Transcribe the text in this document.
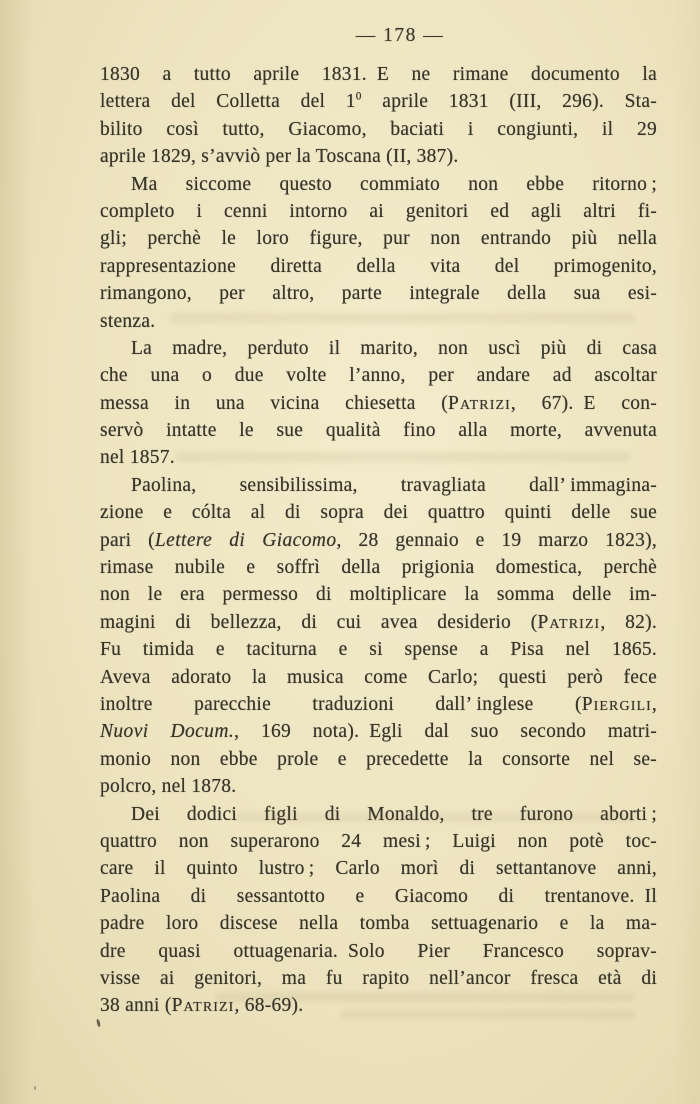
— 178 —
1830 a tutto aprile 1831. E ne rimane documento la
lettera del Colletta del $1^0$ aprile 1831 (III, 296). Sta-
bilito così tutto, Giacomo, baciati i congiunti, il 29
aprile 1829, s’avviò per la Toscana (II, 387).
Ma siccome questo commiato non ebbe ritorno ;
completo i cenni intorno ai genitori ed agli altri fi-
gli; perchè le loro figure, pur non entrando più nella
rappresentazione diretta della vita del primogenito,
rimangono, per altro, parte integrale della sua esi-
stenza.
La madre, perduto il marito, non uscì più di casa
che una o due volte l’anno, per andare ad ascoltar
messa in una vicina chiesetta (Patrizi, 67). E con-
servò intatte le sue qualità fino alla morte, avvenuta
nel 1857.
Paolina, sensibilissima, travagliata dall’ immagina-
zione e cólta al di sopra dei quattro quinti delle sue
pari (Lettere di Giacomo, 28 gennaio e 19 marzo 1823),
rimase nubile e soffrì della prigionia domestica, perchè
non le era permesso di moltiplicare la somma delle im-
magini di bellezza, di cui avea desiderio (Patrizi, 82).
Fu timida e taciturna e si spense a Pisa nel 1865.
Aveva adorato la musica come Carlo; questi però fece
inoltre parecchie traduzioni dall’ inglese (Piergili,
Nuovi Docum., 169 nota). Egli dal suo secondo matri-
monio non ebbe prole e precedette la consorte nel se-
polcro, nel 1878.
Dei dodici figli di Monaldo, tre furono aborti ;
quattro non superarono 24 mesi ; Luigi non potè toc-
care il quinto lustro ; Carlo morì di settantanove anni,
Paolina di sessantotto e Giacomo di trentanove. Il
padre loro discese nella tomba settuagenario e la ma-
dre quasi ottuagenaria. Solo Pier Francesco soprav-
visse ai genitori, ma fu rapito nell’ancor fresca età di
38 anni (Patrizi, 68-69).
